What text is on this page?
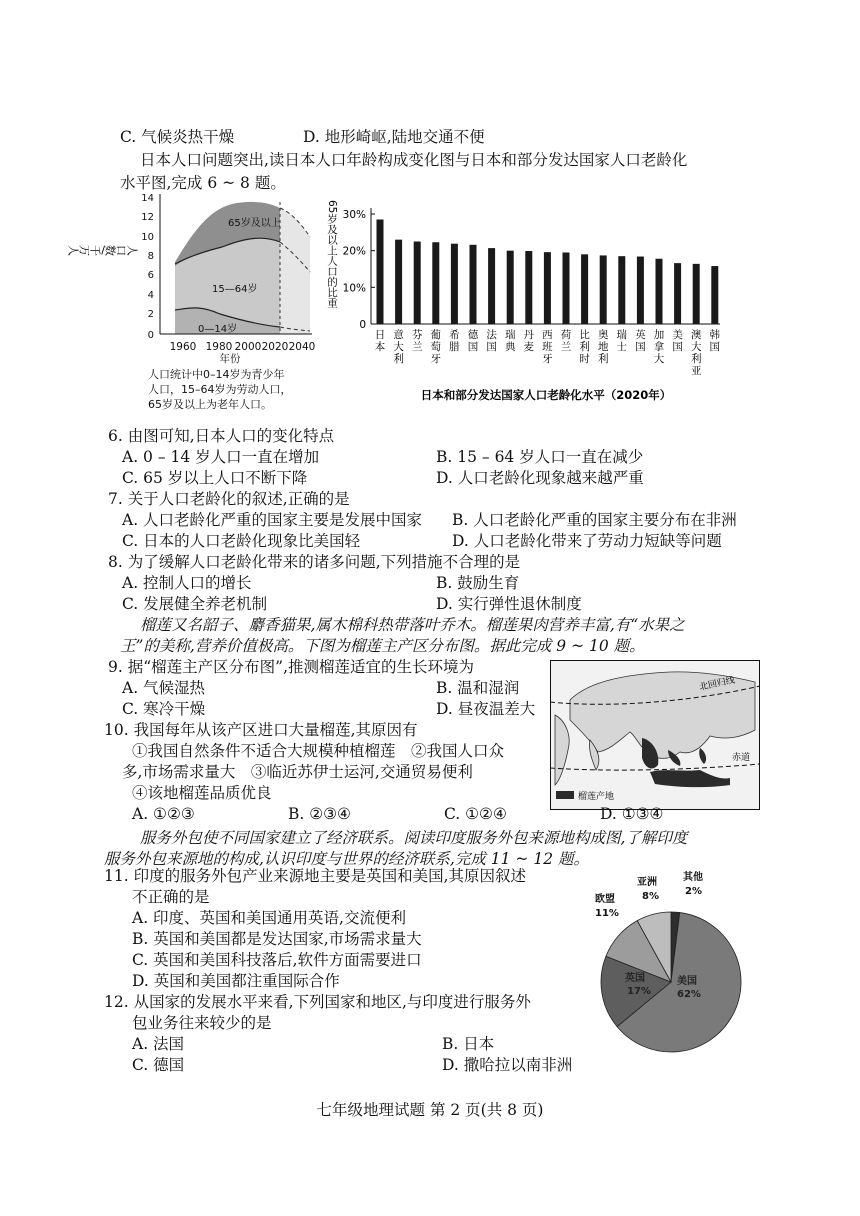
C. 气候炎热干燥	D. 地形崎岖,陆地交通不便
日本人口问题突出,读日本人口年龄构成变化图与日本和部分发达国家人口老龄化
水平图,完成 6 ~ 8 题。
14
12
10
8
6
4
2
0
人口数/千万人
65岁及以上
15—64岁
0—14岁
1960 1980 2000 2020 2040
年份
人口统计中0–14岁为青少年
人口，15–64岁为劳动人口，
65岁及以上为老年人口。
65岁及以上人口的比重
0
10%
20%
30%
日本
意大利
芬兰
葡萄牙
希腊
德国
法国
瑞典
丹麦
西班牙
荷兰
比利时
奥地利
瑞士
英国
加拿大
美国
澳大利亚
韩国
日本和部分发达国家人口老龄化水平（2020年）
6. 由图可知,日本人口的变化特点
A. 0 – 14 岁人口一直在增加	B. 15 – 64 岁人口一直在减少
C. 65 岁以上人口不断下降	D. 人口老龄化现象越来越严重
7. 关于人口老龄化的叙述,正确的是
A. 人口老龄化严重的国家主要是发展中国家 B. 人口老龄化严重的国家主要分布在非洲
C. 日本的人口老龄化现象比美国轻	D. 人口老龄化带来了劳动力短缺等问题
8. 为了缓解人口老龄化带来的诸多问题,下列措施不合理的是
A. 控制人口的增长	B. 鼓励生育
C. 发展健全养老机制	D. 实行弹性退休制度
榴莲又名韶子、麝香猫果,属木棉科热带落叶乔木。榴莲果肉营养丰富,有“水果之
王”的美称,营养价值极高。下图为榴莲主产区分布图。据此完成 9 ~ 10 题。
北回归线
赤道
榴莲产地
9. 据“榴莲主产区分布图”,推测榴莲适宜的生长环境为
A. 气候湿热	B. 温和湿润
C. 寒冷干燥	D. 昼夜温差大
10. 我国每年从该产区进口大量榴莲,其原因有
①我国自然条件不适合大规模种植榴莲　②我国人口众
多,市场需求量大　③临近苏伊士运河,交通贸易便利
④该地榴莲品质优良
A. ①②③	B. ②③④	C. ①②④	D. ①③④
服务外包使不同国家建立了经济联系。阅读印度服务外包来源地构成图,了解印度
服务外包来源地的构成,认识印度与世界的经济联系,完成 11 ~ 12 题。
欧盟
11%
亚洲
8%
其他
2%
英国
17%
美国
62%
11. 印度的服务外包产业来源地主要是英国和美国,其原因叙述
不正确的是
A. 印度、英国和美国通用英语,交流便利
B. 英国和美国都是发达国家,市场需求量大
C. 英国和美国科技落后,软件方面需要进口
D. 英国和美国都注重国际合作
12. 从国家的发展水平来看,下列国家和地区,与印度进行服务外
包业务往来较少的是
A. 法国	B. 日本
C. 德国	D. 撒哈拉以南非洲
七年级地理试题 第 2 页(共 8 页)
